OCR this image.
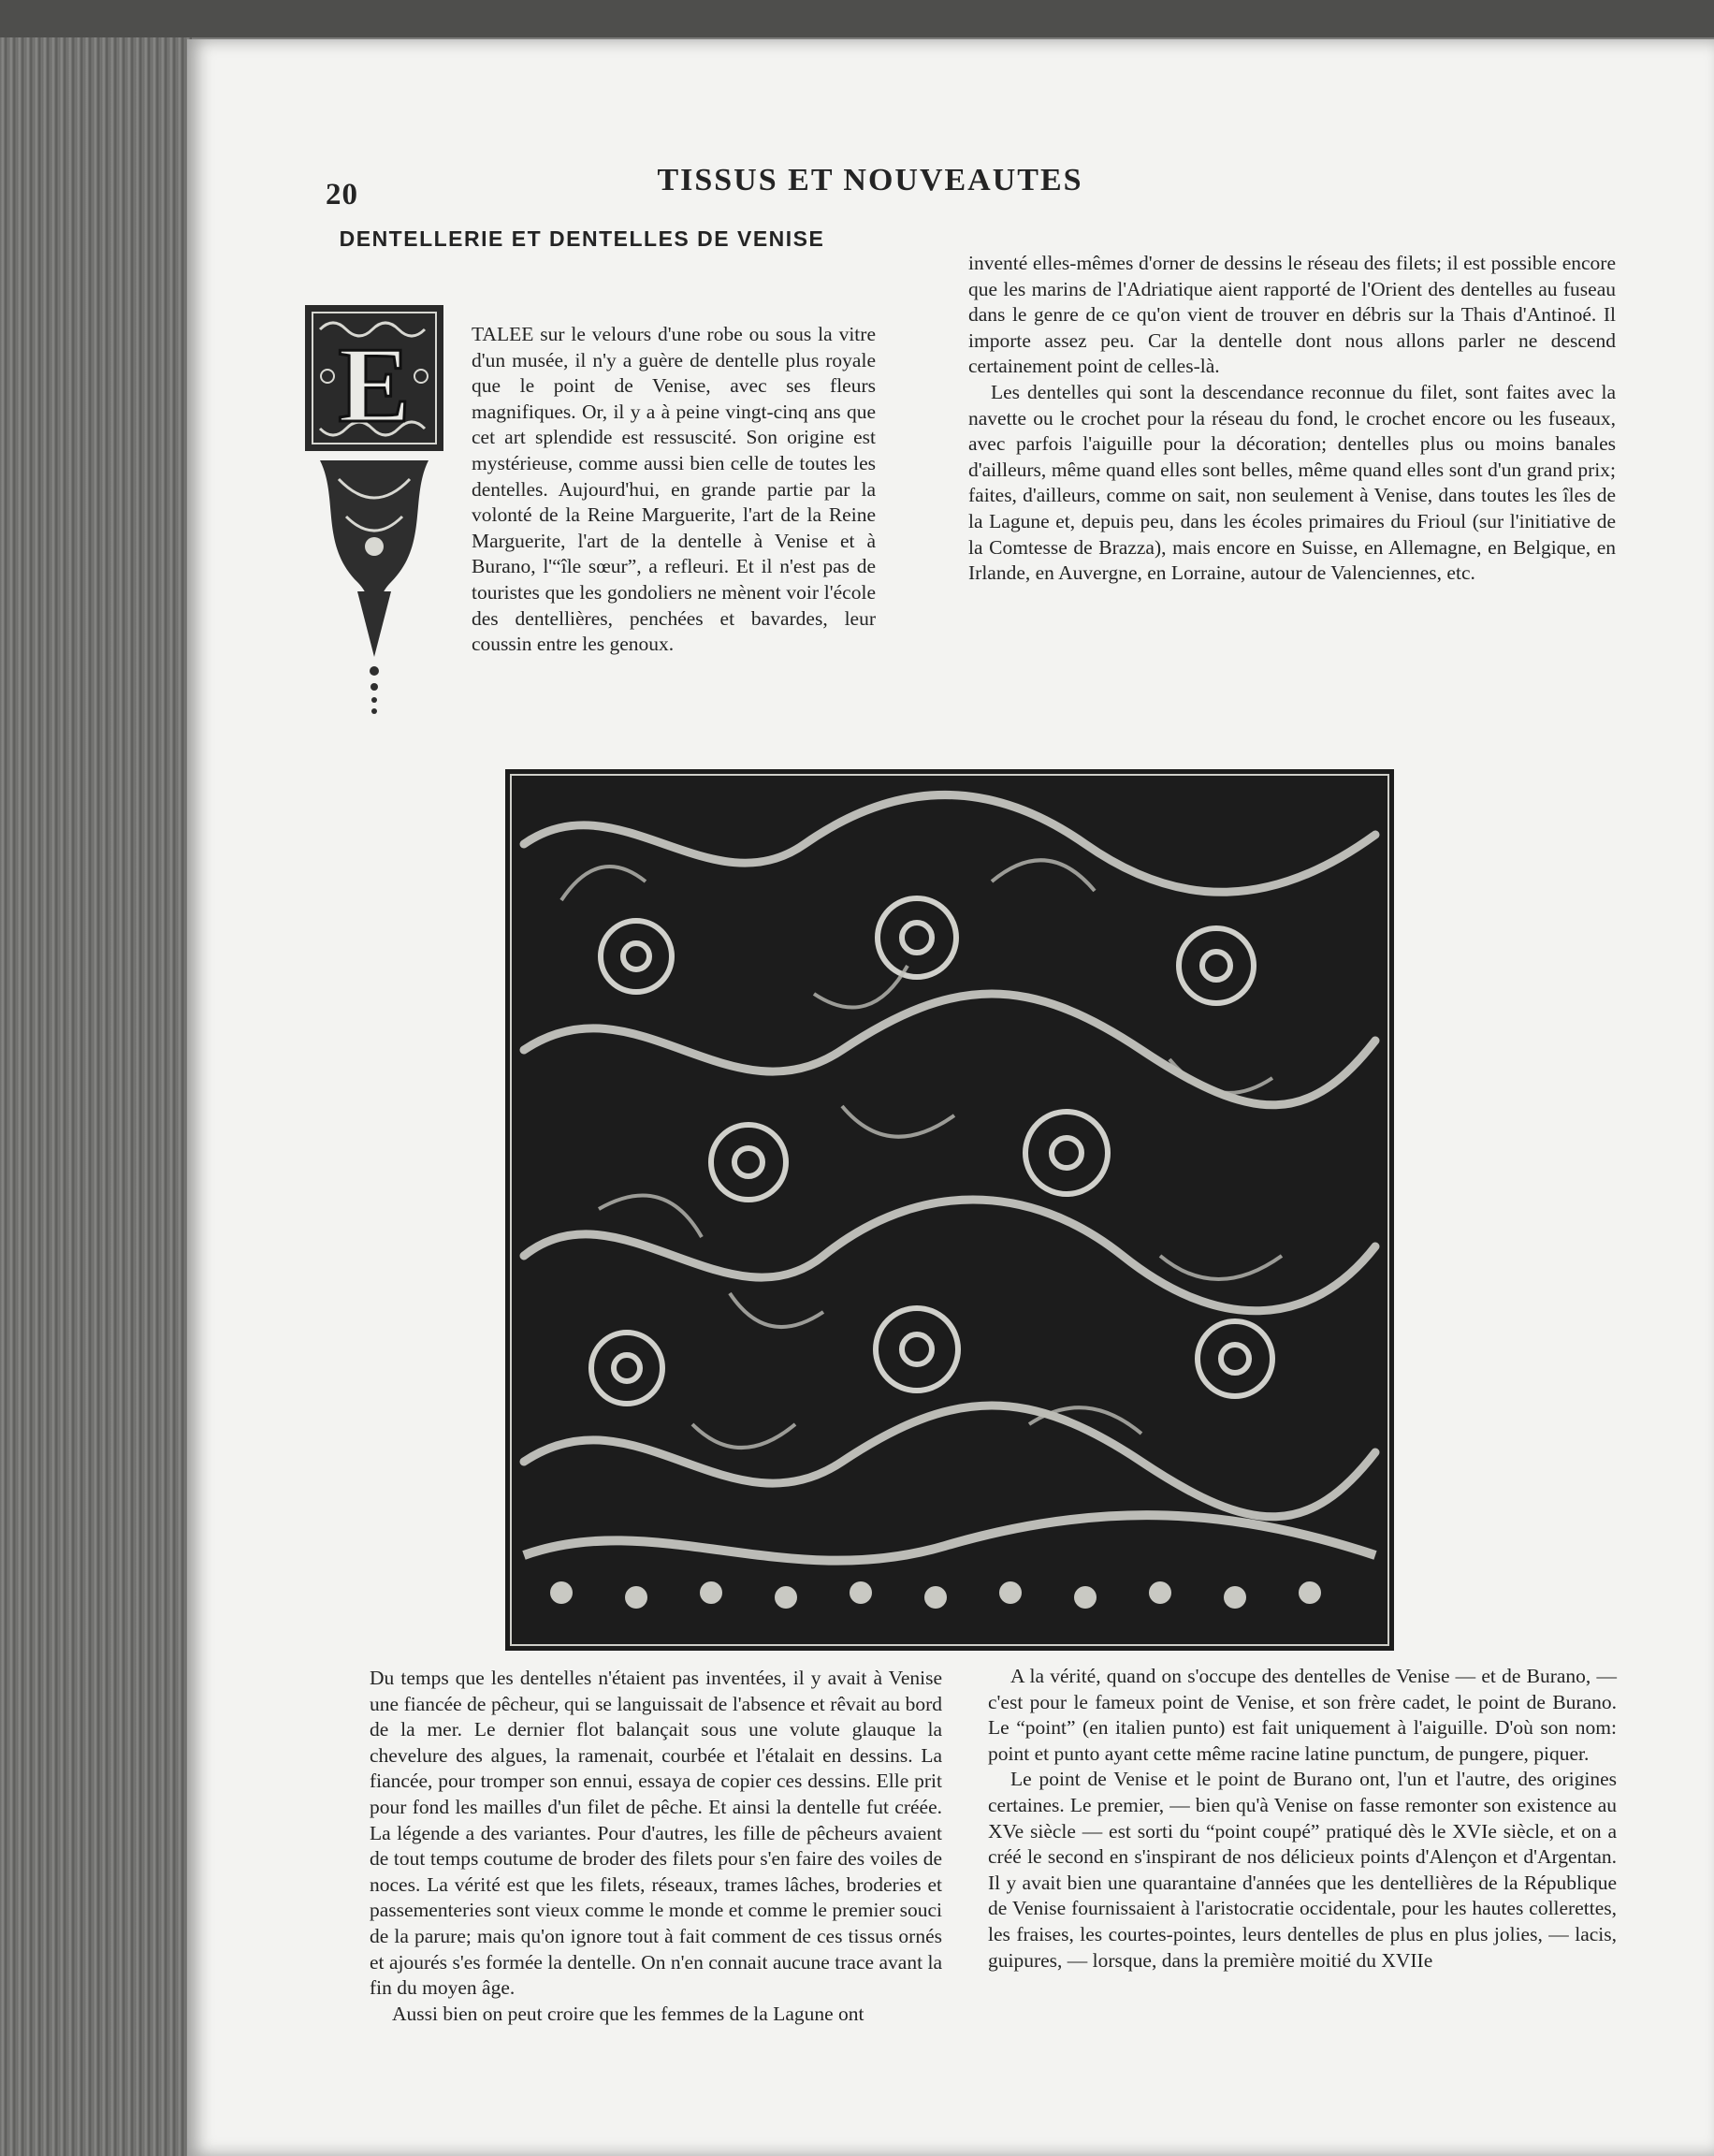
20	TISSUS ET NOUVEAUTES
DENTELLERIE ET DENTELLES DE VENISE
E	TALEE sur le velours d'une robe ou sous la vitre d'un musée, il n'y a guère de dentelle plus royale que le point de Venise, avec ses fleurs magnifiques. Or, il y a à peine vingt-cinq ans que cet art splendide est ressuscité. Son origine est mystérieuse, comme aussi bien celle de toutes les dentelles. Aujourd'hui, en grande partie par la volonté de la Reine Marguerite, l'art de la Reine Marguerite, l'art de la dentelle à Venise et à Burano, l'“île sœur”, a refleuri. Et il n'est pas de touristes que les gondoliers ne mènent voir l'école des dentellières, penchées et bavardes, leur coussin entre les genoux.

inventé elles-mêmes d'orner de dessins le réseau des filets; il est possible encore que les marins de l'Adriatique aient rapporté de l'Orient des dentelles au fuseau dans le genre de ce qu'on vient de trouver en débris sur la Thais d'Antinoé. Il importe assez peu. Car la dentelle dont nous allons parler ne descend certainement point de celles-là.

Les dentelles qui sont la descendance reconnue du filet, sont faites avec la navette ou le crochet pour la réseau du fond, le crochet encore ou les fuseaux, avec parfois l'aiguille pour la décoration; dentelles plus ou moins banales d'ailleurs, même quand elles sont belles, même quand elles sont d'un grand prix; faites, d'ailleurs, comme on sait, non seulement à Venise, dans toutes les îles de la Lagune et, depuis peu, dans les écoles primaires du Frioul (sur l'initiative de la Comtesse de Brazza), mais encore en Suisse, en Allemagne, en Belgique, en Irlande, en Auvergne, en Lorraine, autour de Valenciennes, etc.

Du temps que les dentelles n'étaient pas inventées, il y avait à Venise une fiancée de pêcheur, qui se languissait de l'absence et rêvait au bord de la mer. Le dernier flot balançait sous une volute glauque la chevelure des algues, la ramenait, courbée et l'étalait en dessins. La fiancée, pour tromper son ennui, essaya de copier ces dessins. Elle prit pour fond les mailles d'un filet de pêche. Et ainsi la dentelle fut créée. La légende a des variantes. Pour d'autres, les fille de pêcheurs avaient de tout temps coutume de broder des filets pour s'en faire des voiles de noces. La vérité est que les filets, réseaux, trames lâches, broderies et passementeries sont vieux comme le monde et comme le premier souci de la parure; mais qu'on ignore tout à fait comment de ces tissus ornés et ajourés s'es formée la dentelle. On n'en connait aucune trace avant la fin du moyen âge.

Aussi bien on peut croire que les femmes de la Lagune ont

A la vérité, quand on s'occupe des dentelles de Venise — et de Burano, — c'est pour le fameux point de Venise, et son frère cadet, le point de Burano. Le “point” (en italien punto) est fait uniquement à l'aiguille. D'où son nom: point et punto ayant cette même racine latine punctum, de pungere, piquer.

Le point de Venise et le point de Burano ont, l'un et l'autre, des origines certaines. Le premier, — bien qu'à Venise on fasse remonter son existence au XVe siècle — est sorti du “point coupé” pratiqué dès le XVIe siècle, et on a créé le second en s'inspirant de nos délicieux points d'Alençon et d'Argentan. Il y avait bien une quarantaine d'années que les dentellières de la République de Venise fournissaient à l'aristocratie occidentale, pour les hautes collerettes, les fraises, les courtes-pointes, leurs dentelles de plus en plus jolies, — lacis, guipures, — lorsque, dans la première moitié du XVIIe
